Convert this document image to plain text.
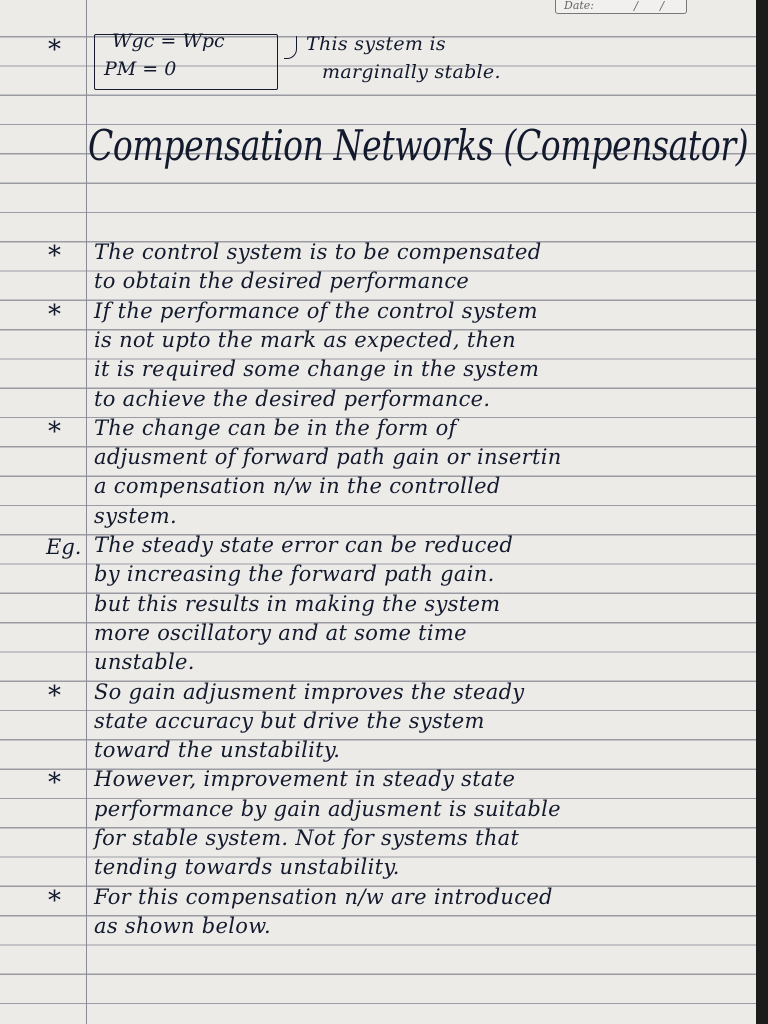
Date:	/ /
*	Wgc = Wpc
PM = 0
This system is
marginally stable.
Compensation Networks (Compensator)
* The control system is to be compensated
to obtain the desired performance
* If the performance of the control system
is not upto the mark as expected, then
it is required some change in the system
to achieve the desired performance.
* The change can be in the form of
adjusment of forward path gain or insertin
a compensation n/w in the controlled
system.
Eg. The steady state error can be reduced
by increasing the forward path gain.
but this results in making the system
more oscillatory and at some time
unstable.
* So gain adjusment improves the steady
state accuracy but drive the system
toward the unstability.
* However, improvement in steady state
performance by gain adjusment is suitable
for stable system. Not for systems that
tending towards unstability.
* For this compensation n/w are introduced
as shown below.
